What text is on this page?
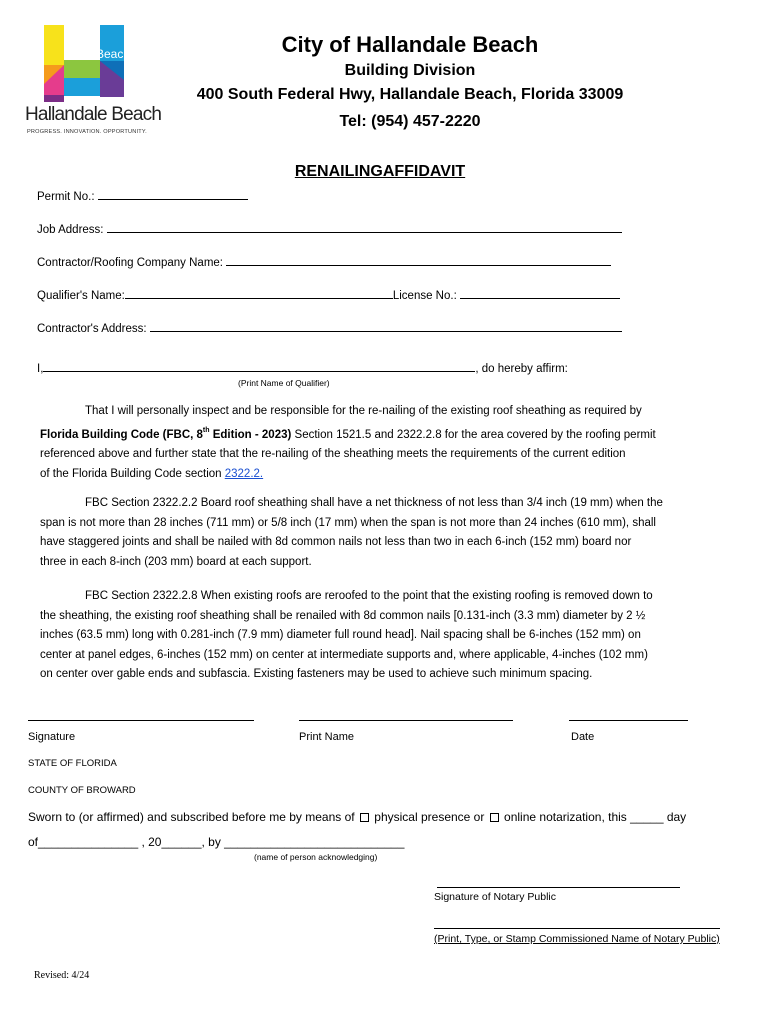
Beach
Hallandale Beach
PROGRESS. INNOVATION. OPPORTUNITY.
City of Hallandale Beach
Building Division
400 South Federal Hwy, Hallandale Beach, Florida 33009
Tel: (954) 457-2220
RENAILINGAFFIDAVIT
Permit No.:
Job Address:
Contractor/Roofing Company Name:
Qualifier's Name:	License No.:
Contractor's Address:
I,	, do hereby affirm:
(Print Name of Qualifier)
That I will personally inspect and be responsible for the re-nailing of the existing roof sheathing as required by
Florida Building Code (FBC, 8th Edition - 2023) Section 1521.5 and 2322.2.8 for the area covered by the roofing permit
referenced above and further state that the re-nailing of the sheathing meets the requirements of the current edition
of the Florida Building Code section 2322.2.
FBC Section 2322.2.2 Board roof sheathing shall have a net thickness of not less than 3/4 inch (19 mm) when the
span is not more than 28 inches (711 mm) or 5/8 inch (17 mm) when the span is not more than 24 inches (610 mm), shall
have staggered joints and shall be nailed with 8d common nails not less than two in each 6-inch (152 mm) board nor
three in each 8-inch (203 mm) board at each support.
FBC Section 2322.2.8 When existing roofs are reroofed to the point that the existing roofing is removed down to
the sheathing, the existing roof sheathing shall be renailed with 8d common nails [0.131-inch (3.3 mm) diameter by 2 ½
inches (63.5 mm) long with 0.281-inch (7.9 mm) diameter full round head]. Nail spacing shall be 6-inches (152 mm) on
center at panel edges, 6-inches (152 mm) on center at intermediate supports and, where applicable, 4-inches (102 mm)
on center over gable ends and subfascia. Existing fasteners may be used to achieve such minimum spacing.
Signature	Print Name	Date
STATE OF FLORIDA
COUNTY OF BROWARD
Sworn to (or affirmed) and subscribed before me by means of physical presence or online notarization, this _____ day
of_______________ , 20______, by ___________________________
(name of person acknowledging)
Signature of Notary Public
(Print, Type, or Stamp Commissioned Name of Notary Public)
Revised: 4/24
